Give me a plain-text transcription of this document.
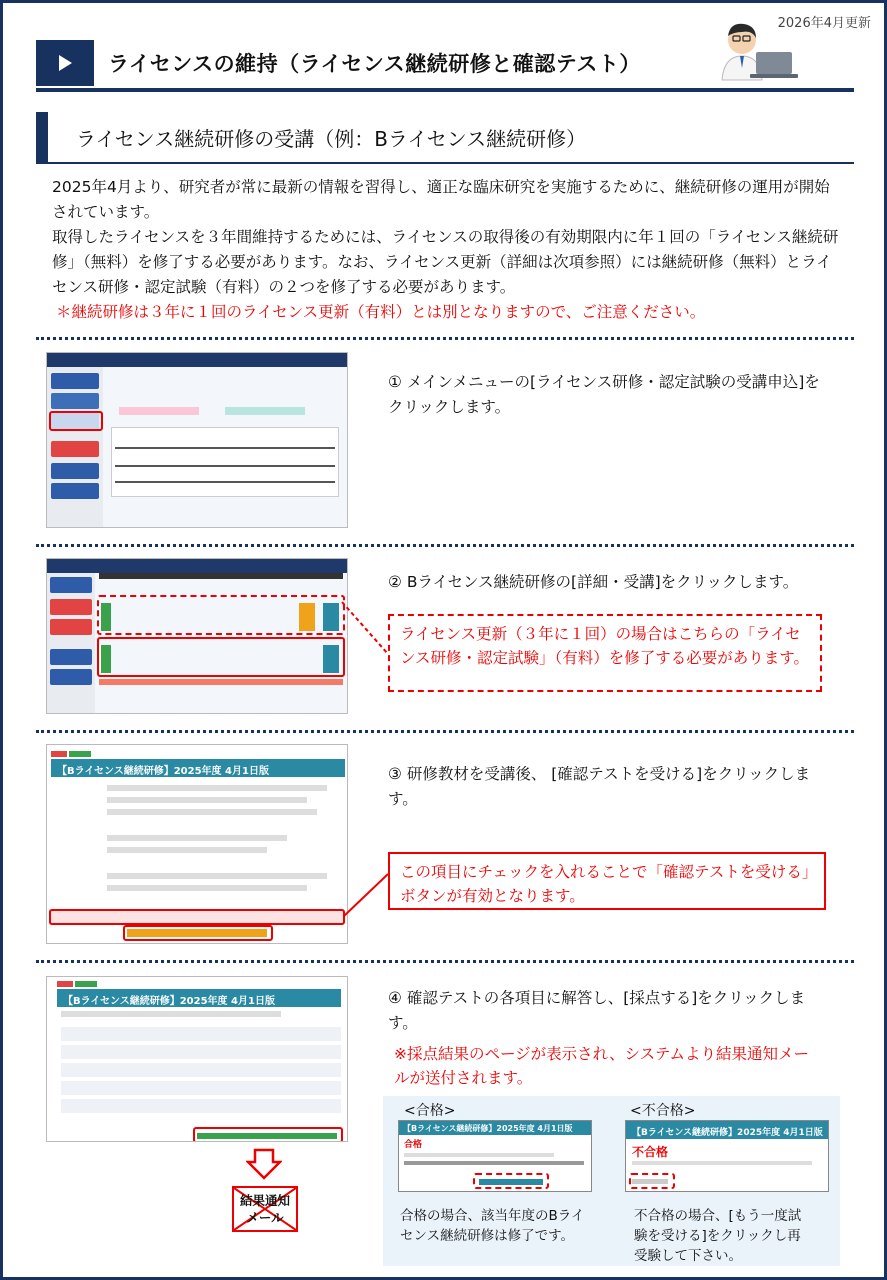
2026年4月更新
ライセンスの維持（ライセンス継続研修と確認テスト）
ライセンス継続研修の受講（例：Bライセンス継続研修）
2025年4月より、研究者が常に最新の情報を習得し、適正な臨床研究を実施するために、継続研修の運用が開始されています。
取得したライセンスを３年間維持するためには、ライセンスの取得後の有効期限内に年１回の「ライセンス継続研修」（無料）を修了する必要があります。なお、ライセンス更新（詳細は次項参照）には継続研修（無料）とライセンス研修・認定試験（有料）の２つを修了する必要があります。
＊継続研修は３年に１回のライセンス更新（有料）とは別となりますので、ご注意ください。
① メインメニューの[ライセンス研修・認定試験の受講申込]をクリックします。
② Bライセンス継続研修の[詳細・受講]をクリックします。
ライセンス更新（３年に１回）の場合はこちらの「ライセンス研修・認定試験」（有料）を修了する必要があります。
【Bライセンス継続研修】2025年度 4月1日版	③ 研修教材を受講後、 [確認テストを受ける]をクリックします。
この項目にチェックを入れることで「確認テストを受ける」ボタンが有効となります。
【Bライセンス継続研修】2025年度 4月1日版
結果通知メール
④ 確認テストの各項目に解答し、[採点する]をクリックします。
※採点結果のページが表示され、システムより結果通知メールが送付されます。
<合格>	<不合格>
【Bライセンス継続研修】2025年度 4月1日版
合格
【Bライセンス継続研修】2025年度 4月1日版
不合格
合格の場合、該当年度のBライセンス継続研修は修了です。
不合格の場合、[もう一度試験を受ける]をクリックし再受験して下さい。
